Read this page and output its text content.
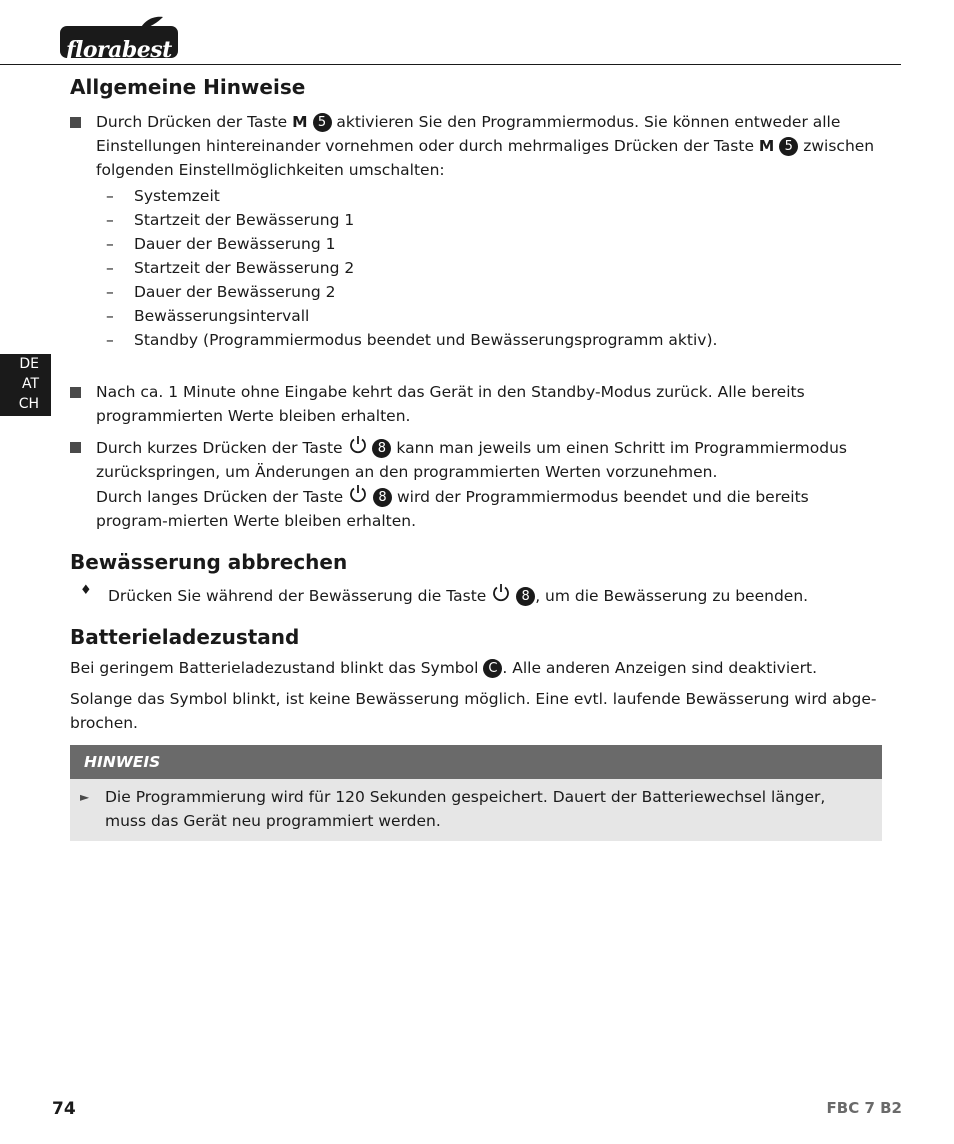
florabest
DE
AT
CH
Allgemeine Hinweise

Durch Drücken der Taste M 5 aktivieren Sie den Programmiermodus. Sie können entweder alle Einstellungen hintereinander vornehmen oder durch mehrmaliges Drücken der Taste M 5 zwischen folgenden Einstellmöglichkeiten umschalten:

– Systemzeit
– Startzeit der Bewässerung 1
– Dauer der Bewässerung 1
– Startzeit der Bewässerung 2
– Dauer der Bewässerung 2
– Bewässerungsintervall
– Standby (Programmiermodus beendet und Bewässerungsprogramm aktiv).

Nach ca. 1 Minute ohne Eingabe kehrt das Gerät in den Standby-Modus zurück. Alle bereits programmierten Werte bleiben erhalten.

Durch kurzes Drücken der Taste  8 kann man jeweils um einen Schritt im Programmiermodus zurückspringen, um Änderungen an den programmierten Werten vorzunehmen.

Durch langes Drücken der Taste  8 wird der Programmiermodus beendet und die bereits program-mierten Werte bleiben erhalten.

Bewässerung abbrechen
♦ Drücken Sie während der Bewässerung die Taste  8 , um die Bewässerung zu beenden.

Batterieladezustand

Bei geringem Batterieladezustand blinkt das Symbol C . Alle anderen Anzeigen sind deaktiviert.

Solange das Symbol blinkt, ist keine Bewässerung möglich. Eine evtl. laufende Bewässerung wird abge-brochen.

HINWEIS
► Die Programmierung wird für 120 Sekunden gespeichert. Dauert der Batteriewechsel länger, muss das Gerät neu programmiert werden.

74	FBC 7 B2
